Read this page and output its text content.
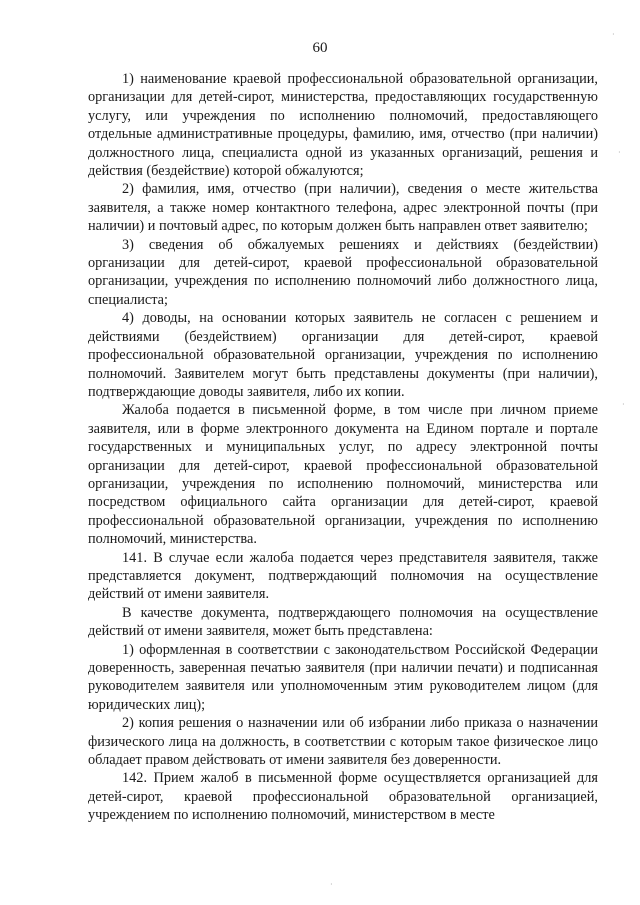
60

1) наименование краевой профессиональной образовательной организации, организации для детей-сирот, министерства, предоставляющих государственную услугу, или учреждения по исполнению полномочий, предоставляющего отдельные административные процедуры, фамилию, имя, отчество (при наличии) должностного лица, специалиста одной из указанных организаций, решения и действия (бездействие) которой обжалуются;

2) фамилия, имя, отчество (при наличии), сведения о месте жительства заявителя, а также номер контактного телефона, адрес электронной почты (при наличии) и почтовый адрес, по которым должен быть направлен ответ заявителю;

3) сведения об обжалуемых решениях и действиях (бездействии) организации для детей-сирот, краевой профессиональной образовательной организации, учреждения по исполнению полномочий либо должностного лица, специалиста;

4) доводы, на основании которых заявитель не согласен с решением и действиями (бездействием) организации для детей-сирот, краевой профессиональной образовательной организации, учреждения по исполнению полномочий. Заявителем могут быть представлены документы (при наличии), подтверждающие доводы заявителя, либо их копии.

Жалоба подается в письменной форме, в том числе при личном приеме заявителя, или в форме электронного документа на Едином портале и портале государственных и муниципальных услуг, по адресу электронной почты организации для детей-сирот, краевой профессиональной образовательной организации, учреждения по исполнению полномочий, министерства или посредством официального сайта организации для детей-сирот, краевой профессиональной образовательной организации, учреждения по исполнению полномочий, министерства.

141. В случае если жалоба подается через представителя заявителя, также представляется документ, подтверждающий полномочия на осуществление действий от имени заявителя.

В качестве документа, подтверждающего полномочия на осуществление действий от имени заявителя, может быть представлена:

1) оформленная в соответствии с законодательством Российской Федерации доверенность, заверенная печатью заявителя (при наличии печати) и подписанная руководителем заявителя или уполномоченным этим руководителем лицом (для юридических лиц);

2) копия решения о назначении или об избрании либо приказа о назначении физического лица на должность, в соответствии с которым такое физическое лицо обладает правом действовать от имени заявителя без доверенности.

142. Прием жалоб в письменной форме осуществляется организацией для детей-сирот, краевой профессиональной образовательной организацией, учреждением по исполнению полномочий, министерством в месте

·
·
·
·
